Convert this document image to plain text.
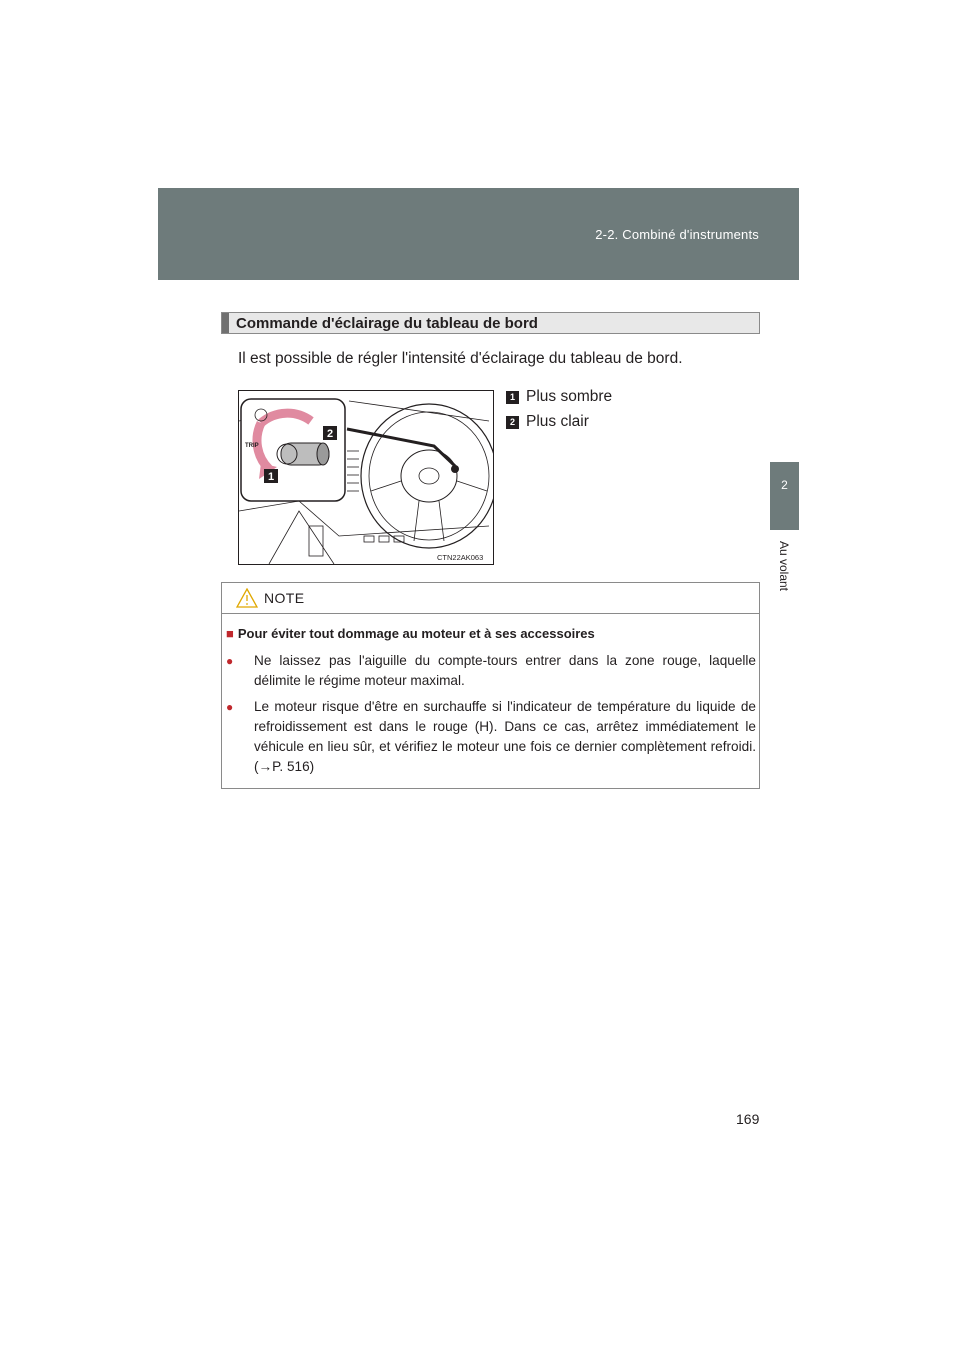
2-2. Combiné d'instruments
2
Au volant
Commande d'éclairage du tableau de bord
Il est possible de régler l'intensité d'éclairage du tableau de bord.
2
1
TRIP
CTN22AK063
1 Plus sombre
2 Plus clair
NOTE
■ Pour éviter tout dommage au moteur et à ses accessoires
● Ne laissez pas l'aiguille du compte-tours entrer dans la zone rouge, laquelle délimite le régime moteur maximal.
● Le moteur risque d'être en surchauffe si l'indicateur de température du liquide de refroidissement est dans le rouge (H). Dans ce cas, arrêtez immédiatement le véhicule en lieu sûr, et vérifiez le moteur une fois ce dernier complètement refroidi. (→P. 516)
169
